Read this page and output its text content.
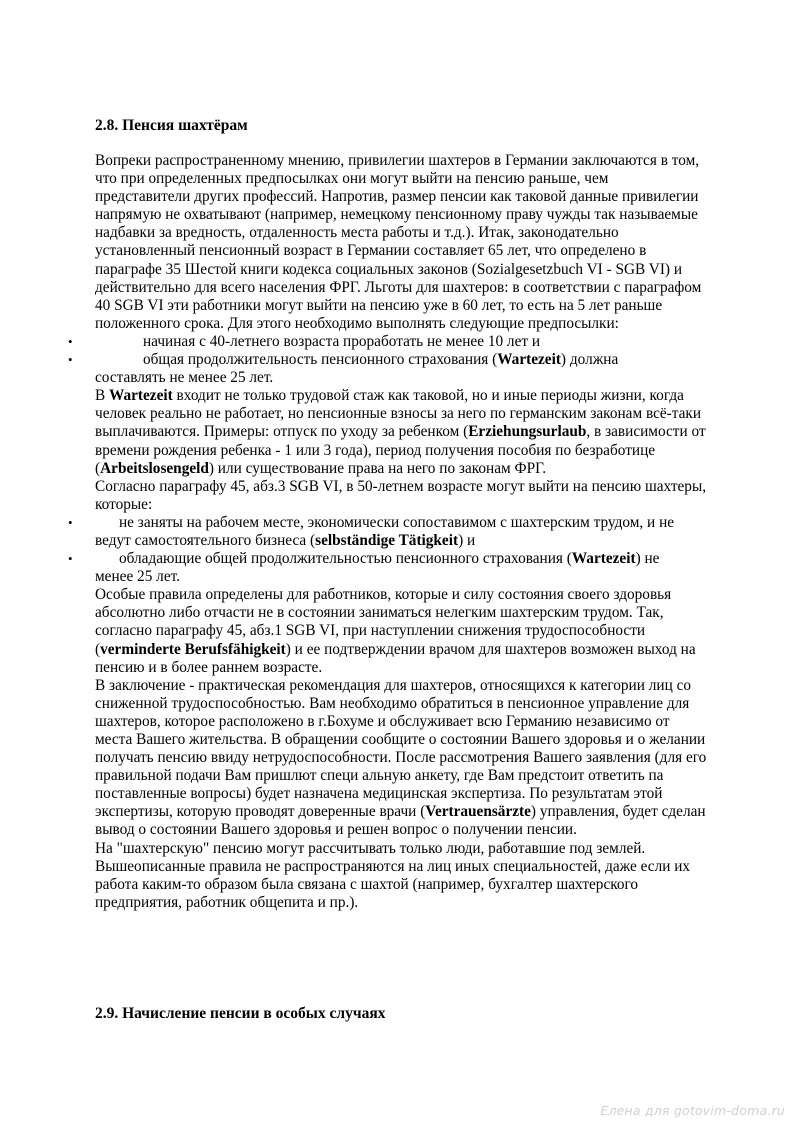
2.8. Пенсия шахтёрам

Вопреки распространенному мнению, привилегии шахтеров в Германии заключаются в том, что при определенных предпосылках они могут выйти на пенсию раньше, чем представители других профессий. Напротив, размер пенсии как таковой данные привилегии напрямую не охватывают (например, немецкому пенсионному праву чужды так называемые надбавки за вредность, отдаленность места работы и т.д.). Итак, законодательно установленный пенсионный возраст в Германии составляет 65 лет, что определено в параграфе 35 Шестой книги кодекса социальных законов (Sozialgesetzbuch VI - SGB VI) и действительно для всего населения ФРГ. Льготы для шахтеров: в соответствии с параграфом 40 SGB VI эти работники могут выйти на пенсию уже в 60 лет, то есть на 5 лет раньше положенного срока. Для этого необходимо выполнять следующие предпосылки:

• начиная с 40-летнего возраста проработать не менее 10 лет и
• общая продолжительность пенсионного страхования (Wartezeit) должна
составлять не менее 25 лет.

В Wartezeit входит не только трудовой стаж как таковой, но и иные периоды жизни, когда человек реально не работает, но пенсионные взносы за него по германским законам всё-таки выплачиваются. Примеры: отпуск по уходу за ребенком (Erziehungsurlaub, в зависимости от времени рождения ребенка - 1 или 3 года), период получения пособия по безработице (Arbeitslosengeld) или существование права на него по законам ФРГ.

Согласно параграфу 45, абз.3 SGB VI, в 50-летнем возрасте могут выйти на пенсию шахтеры, которые:

• не заняты на рабочем месте, экономически сопоставимом с шахтерским трудом, и не ведут самостоятельного бизнеса (selbständige Tätigkeit) и
• обладающие общей продолжительностью пенсионного страхования (Wartezeit) не
менее 25 лет.

Особые правила определены для работников, которые и силу состояния своего здоровья абсолютно либо отчасти не в состоянии заниматься нелегким шахтерским трудом. Так, согласно параграфу 45, абз.1 SGB VI, при наступлении снижения трудоспособности (verminderte Berufsfähigkeit) и ее подтверждении врачом для шахтеров возможен выход на пенсию и в более раннем возрасте.

В заключение - практическая рекомендация для шахтеров, относящихся к категории лиц со сниженной трудоспособностью. Вам необходимо обратиться в пенсионное управление для шахтеров, которое расположено в г.Бохуме и обслуживает всю Германию независимо от места Вашего жительства. В обращении сообщите о состоянии Вашего здоровья и о желании получать пенсию ввиду нетрудоспособности. После рассмотрения Вашего заявления (для его правильной подачи Вам пришлют специ альную анкету, где Вам предстоит ответить па поставленные вопросы) будет назначена медицинская экспертиза. По результатам этой экспертизы, которую проводят доверенные врачи (Vertrauensärzte) управления, будет сделан вывод о состоянии Вашего здоровья и решен вопрос о получении пенсии.

На "шахтерскую" пенсию могут рассчитывать только люди, работавшие под землей. Вышеописанные правила не распространяются на лиц иных специальностей, даже если их работа каким-то образом была связана с шахтой (например, бухгалтер шахтерского предприятия, работник общепита и пр.).

2.9. Начисление пенсии в особых случаях
Елена для gotovim-doma.ru
